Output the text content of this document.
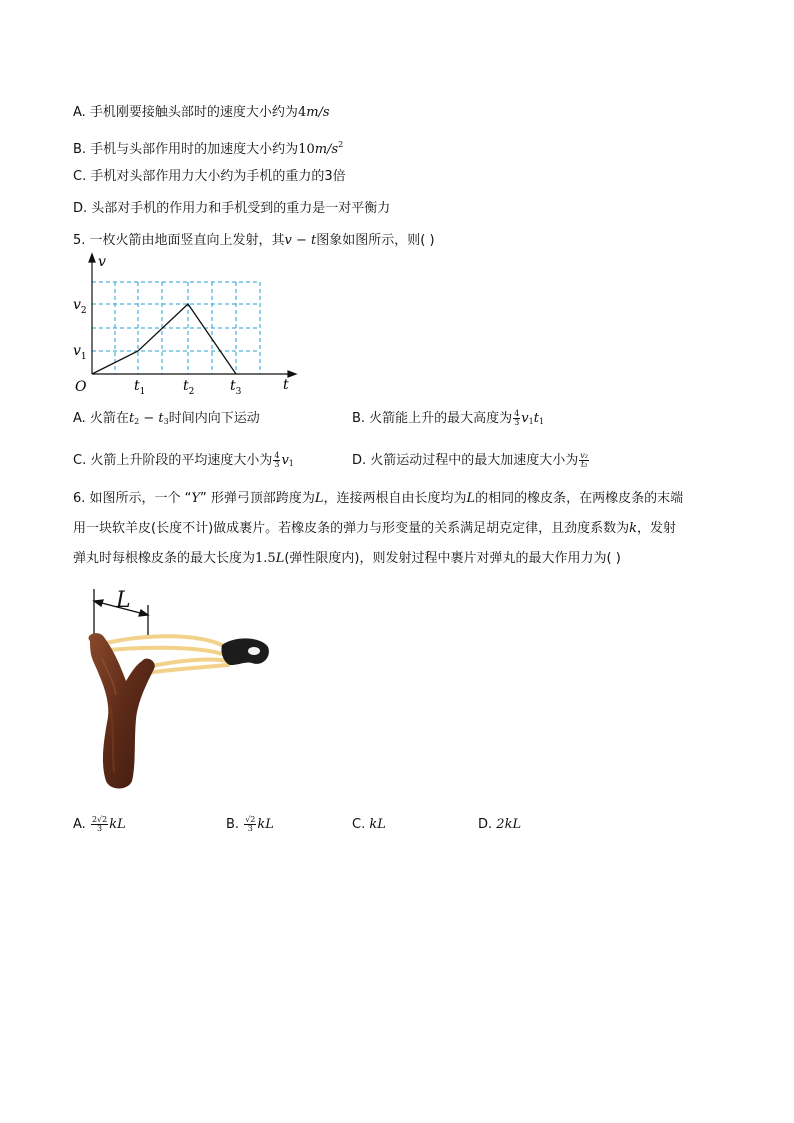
A. 手机刚要接触头部时的速度大小约为4m/s
B. 手机与头部作用时的加速度大小约为$10m/s^2$
C. 手机对头部作用力大小约为手机的重力的3倍
D. 头部对手机的作用力和手机受到的重力是一对平衡力
5. 一枚火箭由地面竖直向上发射，其v − t图象如图所示，则( )
v
t
O
$v_2$
$v_1$
$t_1$	$t_2$	$t_3$
A. 火箭在$t_2 - t_3$时间内向下运动	B. 火箭能上升的最大高度为 $\frac{4}{3} v_1t_1$
C. 火箭上升阶段的平均速度大小为 $\frac{4}{3} v_1$	D. 火箭运动过程中的最大加速度大小为 $\frac{\text{v₂}}{\text{t₂}}$
6. 如图所示，一个 “Y” 形弹弓顶部跨度为L，连接两根自由长度均为L的相同的橡皮条，在两橡皮条的末端
用一块软羊皮(长度不计)做成裹片。若橡皮条的弹力与形变量的关系满足胡克定律，且劲度系数为k，发射
弹丸时每根橡皮条的最大长度为1.5L(弹性限度内)，则发射过程中裹片对弹丸的最大作用力为( )
L
A. $\frac{2√2}{3}$ kL	B. $\frac{√2}{3}$ kL	C. kL	D. 2kL
